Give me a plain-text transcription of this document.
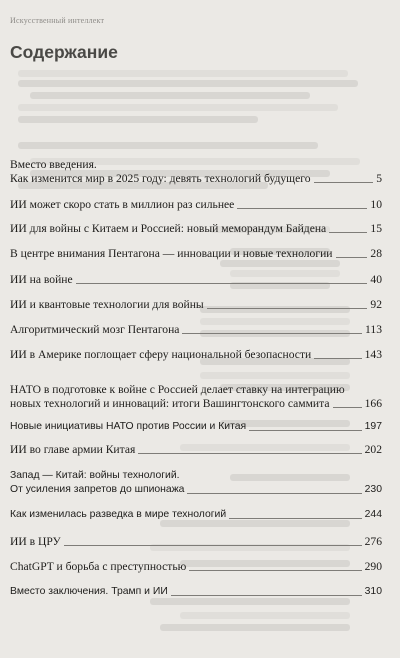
Искусственный интеллект
Содержание
Вместо введения.
Как изменится мир в 2025 году: девять технологий будущего	5
ИИ может скоро стать в миллион раз сильнее	10
ИИ для войны с Китаем и Россией: новый меморандум Байдена	15
В центре внимания Пентагона — инновации и новые технологии	28
ИИ на войне	40
ИИ и квантовые технологии для войны	92
Алгоритмический мозг Пентагона	113
ИИ в Америке поглощает сферу национальной безопасности	143
НАТО в подготовке к войне с Россией делает ставку на интеграцию
новых технологий и инноваций: итоги Вашингтонского саммита	166
Новые инициативы НАТО против России и Китая	197
ИИ во главе армии Китая	202
Запад — Китай: войны технологий.
От усиления запретов до шпионажа	230
Как изменилась разведка в мире технологий	244
ИИ в ЦРУ	276
ChatGPT и борьба с преступностью	290
Вместо заключения. Трамп и ИИ	310
